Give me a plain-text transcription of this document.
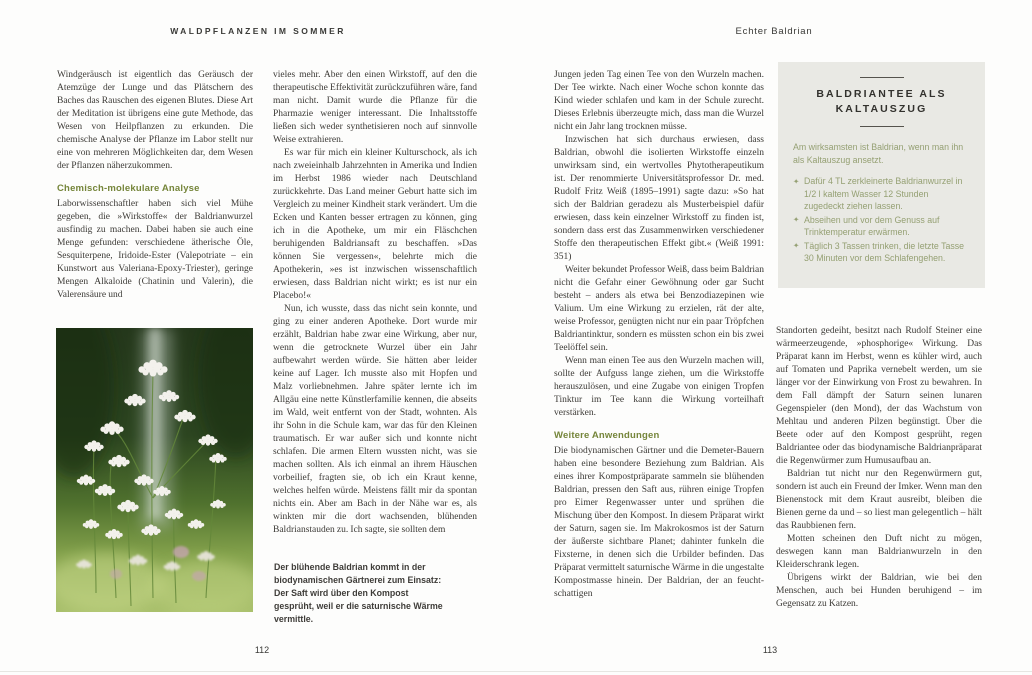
WALDPFLANZEN IM SOMMER

Windgeräusch ist eigentlich das Geräusch der Atemzüge der Lunge und das Plätschern des Baches das Rauschen des eigenen Blutes. Diese Art der Meditation ist übrigens eine gute Methode, das Wesen von Heilpflanzen zu erkunden. Die chemische Analyse der Pflanze im Labor stellt nur eine von mehreren Möglichkeiten dar, dem Wesen der Pflanzen näherzukommen.

Chemisch-molekulare Analyse

Laborwissenschaftler haben sich viel Mühe gegeben, die »Wirkstoffe« der Baldrianwurzel ausfindig zu machen. Dabei haben sie auch eine Menge gefunden: verschiedene ätherische Öle, Sesquiterpene, Iridoide-Ester (Valepotriate – ein Kunstwort aus Valeriana-Epoxy-Triester), geringe Mengen Alkaloide (Chatinin und Valerin), die Valerensäure und

vieles mehr. Aber den einen Wirkstoff, auf den die therapeutische Effektivität zurückzuführen wäre, fand man nicht. Damit wurde die Pflanze für die Pharmazie weniger interessant. Die Inhaltsstoffe ließen sich weder synthetisieren noch auf sinnvolle Weise extrahieren.

Es war für mich ein kleiner Kulturschock, als ich nach zweieinhalb Jahrzehnten in Amerika und Indien im Herbst 1986 wieder nach Deutschland zurückkehrte. Das Land meiner Geburt hatte sich im Vergleich zu meiner Kindheit stark verändert. Um die Ecken und Kanten besser ertragen zu können, ging ich in die Apotheke, um mir ein Fläschchen beruhigenden Baldriansaft zu beschaffen. »Das können Sie vergessen«, belehrte mich die Apothekerin, »es ist inzwischen wissenschaftlich erwiesen, dass Baldrian nicht wirkt; es ist nur ein Placebo!«

Nun, ich wusste, dass das nicht sein konnte, und ging zu einer anderen Apotheke. Dort wurde mir erzählt, Baldrian habe zwar eine Wirkung, aber nur, wenn die getrocknete Wurzel über ein Jahr aufbewahrt werden würde. Sie hätten aber leider keine auf Lager. Ich musste also mit Hopfen und Malz vorliebnehmen. Jahre später lernte ich im Allgäu eine nette Künstlerfamilie kennen, die abseits im Wald, weit entfernt von der Stadt, wohnten. Als ihr Sohn in die Schule kam, war das für den Kleinen traumatisch. Er war außer sich und konnte nicht schlafen. Die armen Eltern wussten nicht, was sie machen sollten. Als ich einmal an ihrem Häuschen vorbeilief, fragten sie, ob ich ein Kraut kenne, welches helfen würde. Meistens fällt mir da spontan nichts ein. Aber am Bach in der Nähe war es, als winkten mir die dort wachsenden, blühenden Baldrianstauden zu. Ich sagte, sie sollten dem

Der blühende Baldrian kommt in der biodynamischen Gärtnerei zum Einsatz: Der Saft wird über den Kompost gesprüht, weil er die saturnische Wärme vermittle.
112
Echter Baldrian

Jungen jeden Tag einen Tee von den Wurzeln machen. Der Tee wirkte. Nach einer Woche schon konnte das Kind wieder schlafen und kam in der Schule zurecht. Dieses Erlebnis überzeugte mich, dass man die Wurzel nicht ein Jahr lang trocknen müsse.

Inzwischen hat sich durchaus erwiesen, dass Baldrian, obwohl die isolierten Wirkstoffe einzeln unwirksam sind, ein wertvolles Phytotherapeutikum ist. Der renommierte Universitätsprofessor Dr. med. Rudolf Fritz Weiß (1895–1991) sagte dazu: »So hat sich der Baldrian geradezu als Musterbeispiel dafür erwiesen, dass kein einzelner Wirkstoff zu finden ist, sondern dass erst das Zusammenwirken verschiedener Stoffe den therapeutischen Effekt gibt.« (Weiß 1991: 351)

Weiter bekundet Professor Weiß, dass beim Baldrian nicht die Gefahr einer Gewöhnung oder gar Sucht besteht – anders als etwa bei Benzodiazepinen wie Valium. Um eine Wirkung zu erzielen, rät der alte, weise Professor, genügten nicht nur ein paar Tröpfchen Baldriantinktur, sondern es müssten schon ein bis zwei Teelöffel sein.

Wenn man einen Tee aus den Wurzeln machen will, sollte der Aufguss lange ziehen, um die Wirkstoffe herauszulösen, und eine Zugabe von einigen Tropfen Tinktur im Tee kann die Wirkung vorteilhaft verstärken.

Weitere Anwendungen

Die biodynamischen Gärtner und die Demeter-Bauern haben eine besondere Beziehung zum Baldrian. Als eines ihrer Kompostpräparate sammeln sie blühenden Baldrian, pressen den Saft aus, rühren einige Tropfen pro Eimer Regenwasser unter und sprühen die Mischung über den Kompost. In diesem Präparat wirkt der Saturn, sagen sie. Im Makrokosmos ist der Saturn der äußerste sichtbare Planet; dahinter funkeln die Fixsterne, in denen sich die Urbilder befinden. Das Präparat vermittelt saturnische Wärme in die ungestalte Kompostmasse hinein. Der Baldrian, der an feucht-schattigen

BALDRIANTEE ALS KALTAUSZUG

Am wirksamsten ist Baldrian, wenn man ihn als Kaltauszug ansetzt.

✦ Dafür 4 TL zerkleinerte Baldrianwurzel in 1/2 l kaltem Wasser 12 Stunden zugedeckt ziehen lassen.
✦ Abseihen und vor dem Genuss auf Trinktemperatur erwärmen.
✦ Täglich 3 Tassen trinken, die letzte Tasse 30 Minuten vor dem Schlafengehen.

Standorten gedeiht, besitzt nach Rudolf Steiner eine wärmeerzeugende, »phosphorige« Wirkung. Das Präparat kann im Herbst, wenn es kühler wird, auch auf Tomaten und Paprika vernebelt werden, um sie länger vor der Einwirkung von Frost zu bewahren. In dem Fall dämpft der Saturn seinen lunaren Gegenspieler (den Mond), der das Wachstum von Mehltau und anderen Pilzen begünstigt. Über die Beete oder auf den Kompost gesprüht, regen Baldriantee oder das biodynamische Baldrianpräparat die Regenwürmer zum Humusaufbau an.

Baldrian tut nicht nur den Regenwürmern gut, sondern ist auch ein Freund der Imker. Wenn man den Bienenstock mit dem Kraut ausreibt, bleiben die Bienen gerne da und – so liest man gelegentlich – hält das Raubbienen fern.

Motten scheinen den Duft nicht zu mögen, deswegen kann man Baldrianwurzeln in den Kleiderschrank legen.

Übrigens wirkt der Baldrian, wie bei den Menschen, auch bei Hunden beruhigend – im Gegensatz zu Katzen.

113
